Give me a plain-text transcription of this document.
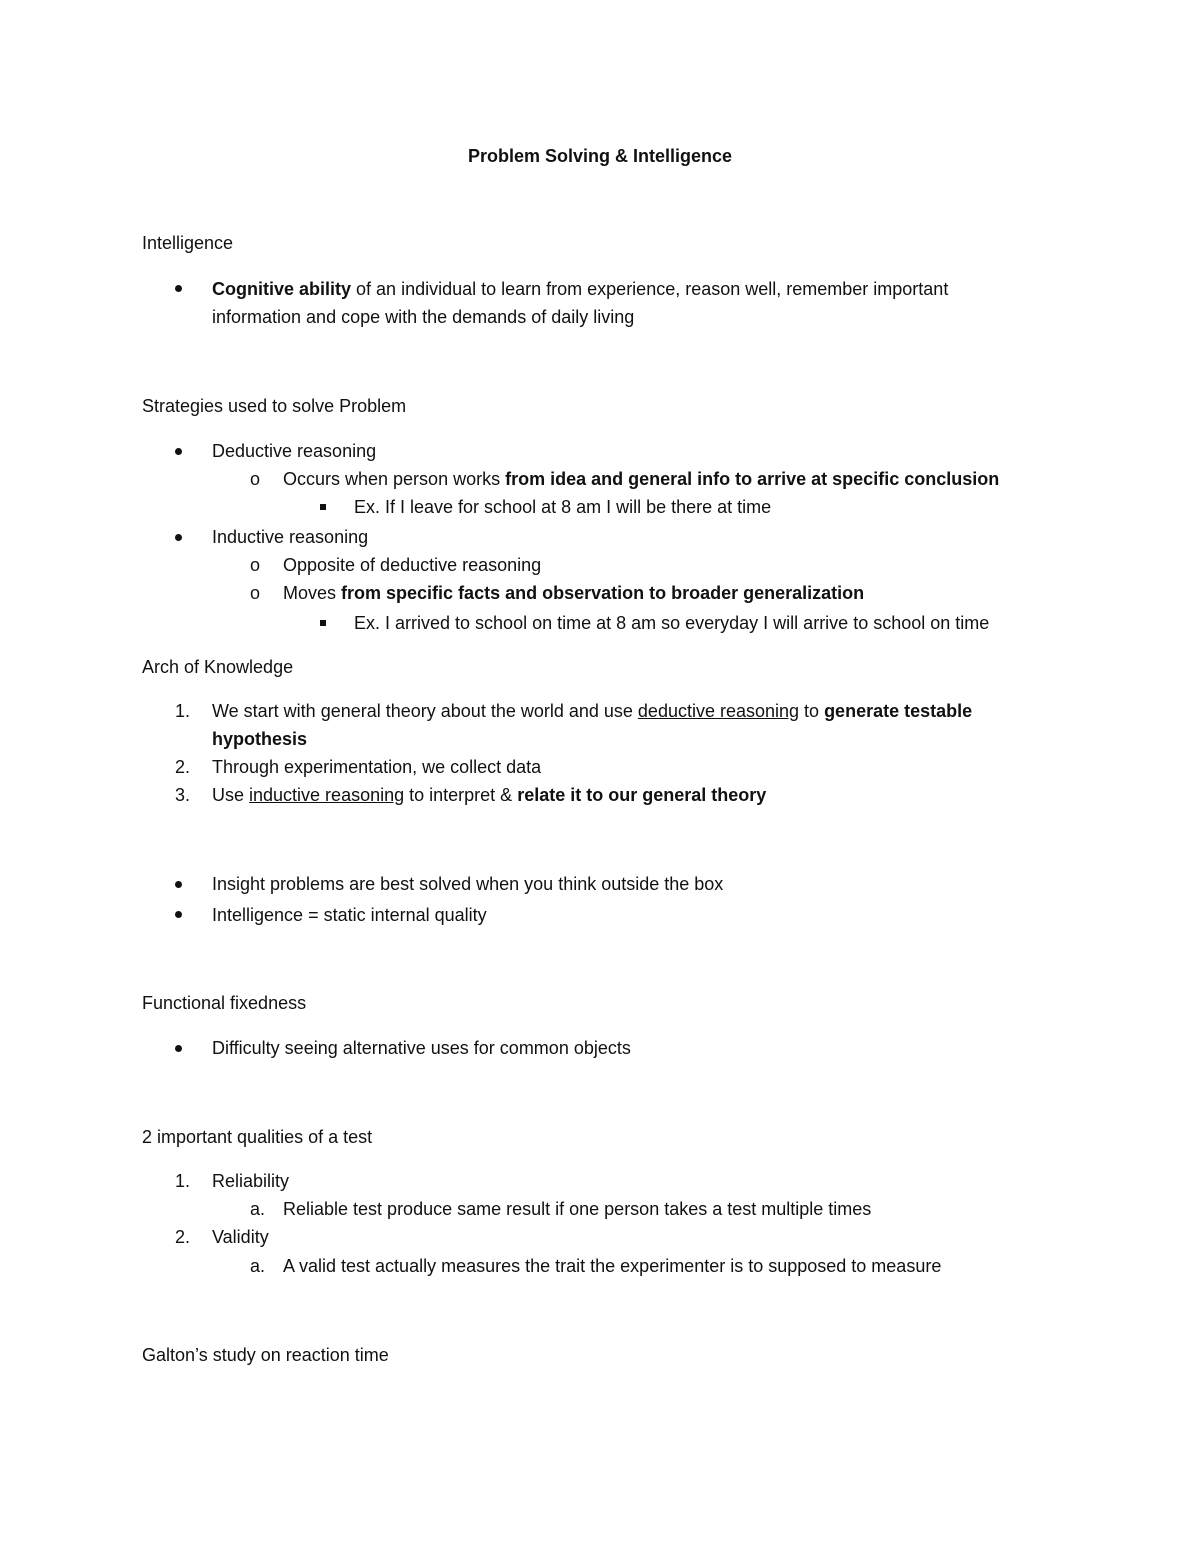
Problem Solving & Intelligence
Intelligence
Cognitive ability of an individual to learn from experience, reason well, remember important
information and cope with the demands of daily living
Strategies used to solve Problem
Deductive reasoning
o Occurs when person works from idea and general info to arrive at specific conclusion
Ex. If I leave for school at 8 am I will be there at time
Inductive reasoning
o Opposite of deductive reasoning
o Moves from specific facts and observation to broader generalization
Ex. I arrived to school on time at 8 am so everyday I will arrive to school on time
Arch of Knowledge
1. We start with general theory about the world and use deductive reasoning to generate testable
hypothesis
2. Through experimentation, we collect data
3. Use inductive reasoning to interpret & relate it to our general theory
Insight problems are best solved when you think outside the box
Intelligence = static internal quality
Functional fixedness
Difficulty seeing alternative uses for common objects
2 important qualities of a test
1. Reliability
a. Reliable test produce same result if one person takes a test multiple times
2. Validity
a. A valid test actually measures the trait the experimenter is to supposed to measure
Galton’s study on reaction time
